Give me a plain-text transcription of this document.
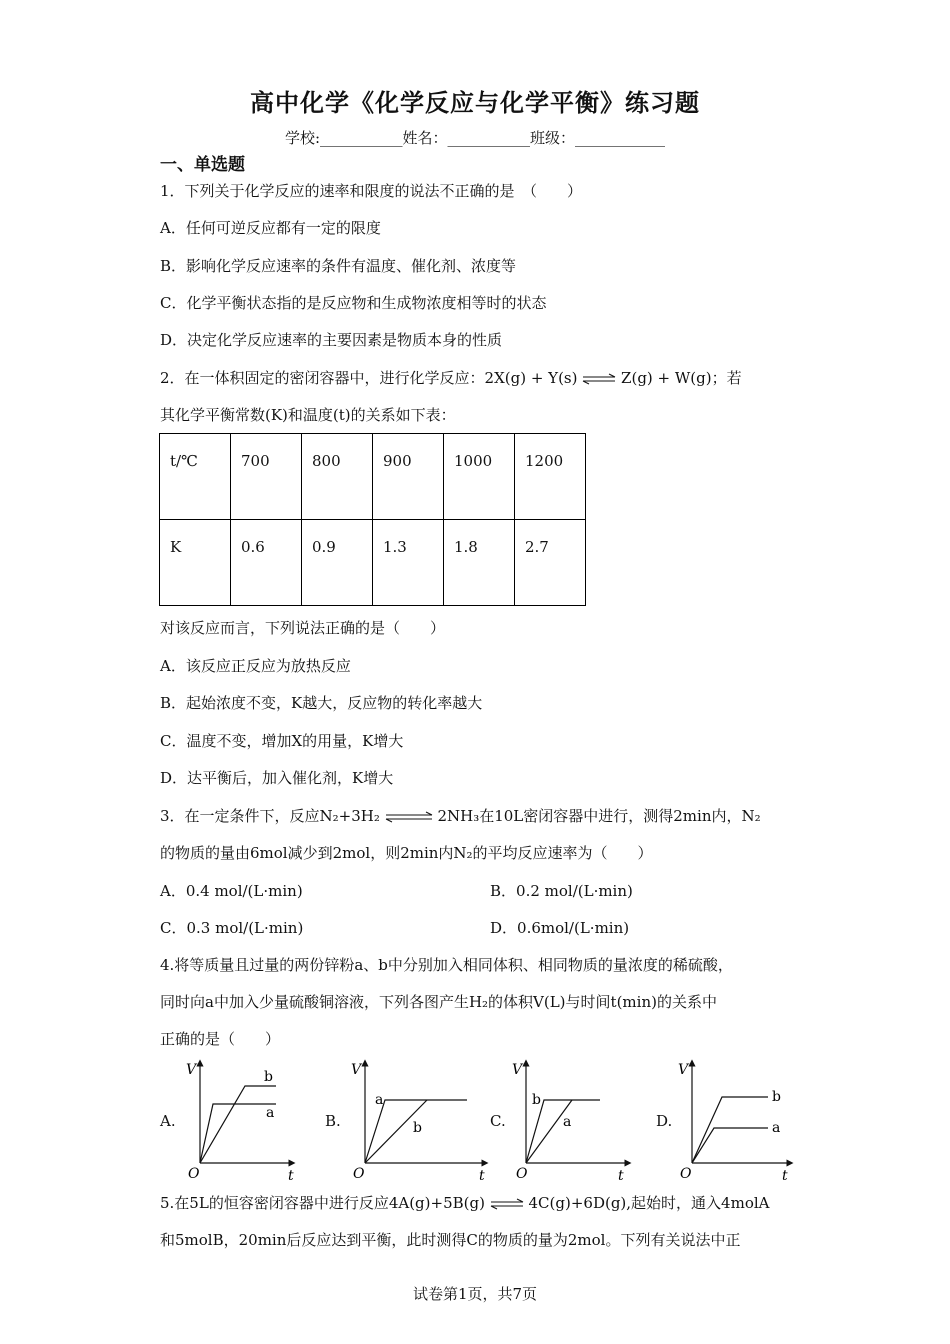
高中化学《化学反应与化学平衡》练习题
学校:___________姓名：___________班级：____________
一、单选题
1．下列关于化学反应的速率和限度的说法不正确的是　（　　）
A．任何可逆反应都有一定的限度
B．影响化学反应速率的条件有温度、催化剂、浓度等
C．化学平衡状态指的是反应物和生成物浓度相等时的状态
D．决定化学反应速率的主要因素是物质本身的性质
2．在一体积固定的密闭容器中，进行化学反应：2X(g) + Y(s) ⇌ Z(g) + W(g)；若
其化学平衡常数(K)和温度(t)的关系如下表：
t/℃	700	800	900	1000	1200

K	0.6	0.9	1.3	1.8	2.7
对该反应而言，下列说法正确的是（　　）
A．该反应正反应为放热反应
B．起始浓度不变，K越大，反应物的转化率越大
C．温度不变，增加X的用量，K增大
D．达平衡后，加入催化剂，K增大
3．在一定条件下，反应N₂+3H₂ ⇌ 2NH₃在10L密闭容器中进行，测得2min内，N₂
的物质的量由6mol减少到2mol，则2min内N₂的平均反应速率为（　　）
A．0.4 mol/(L·min)	B．0.2 mol/(L·min)
C．0.3 mol/(L·min)	D．0.6mol/(L·min)
4.将等质量且过量的两份锌粉a、b中分别加入相同体积、相同物质的量浓度的稀硫酸，
同时向a中加入少量硫酸铜溶液，下列各图产生H₂的体积V(L)与时间t(min)的关系中
正确的是（　　）
A.	B.	C.	D.
V
t
O
b
a
V
t
O
a
b
V
t
O
b
a
V
t
O
b
a
5.在5L的恒容密闭容器中进行反应4A(g)+5B(g) ⇌ 4C(g)+6D(g),起始时，通入4molA
和5molB，20min后反应达到平衡，此时测得C的物质的量为2mol。下列有关说法中正
试卷第1页，共7页
